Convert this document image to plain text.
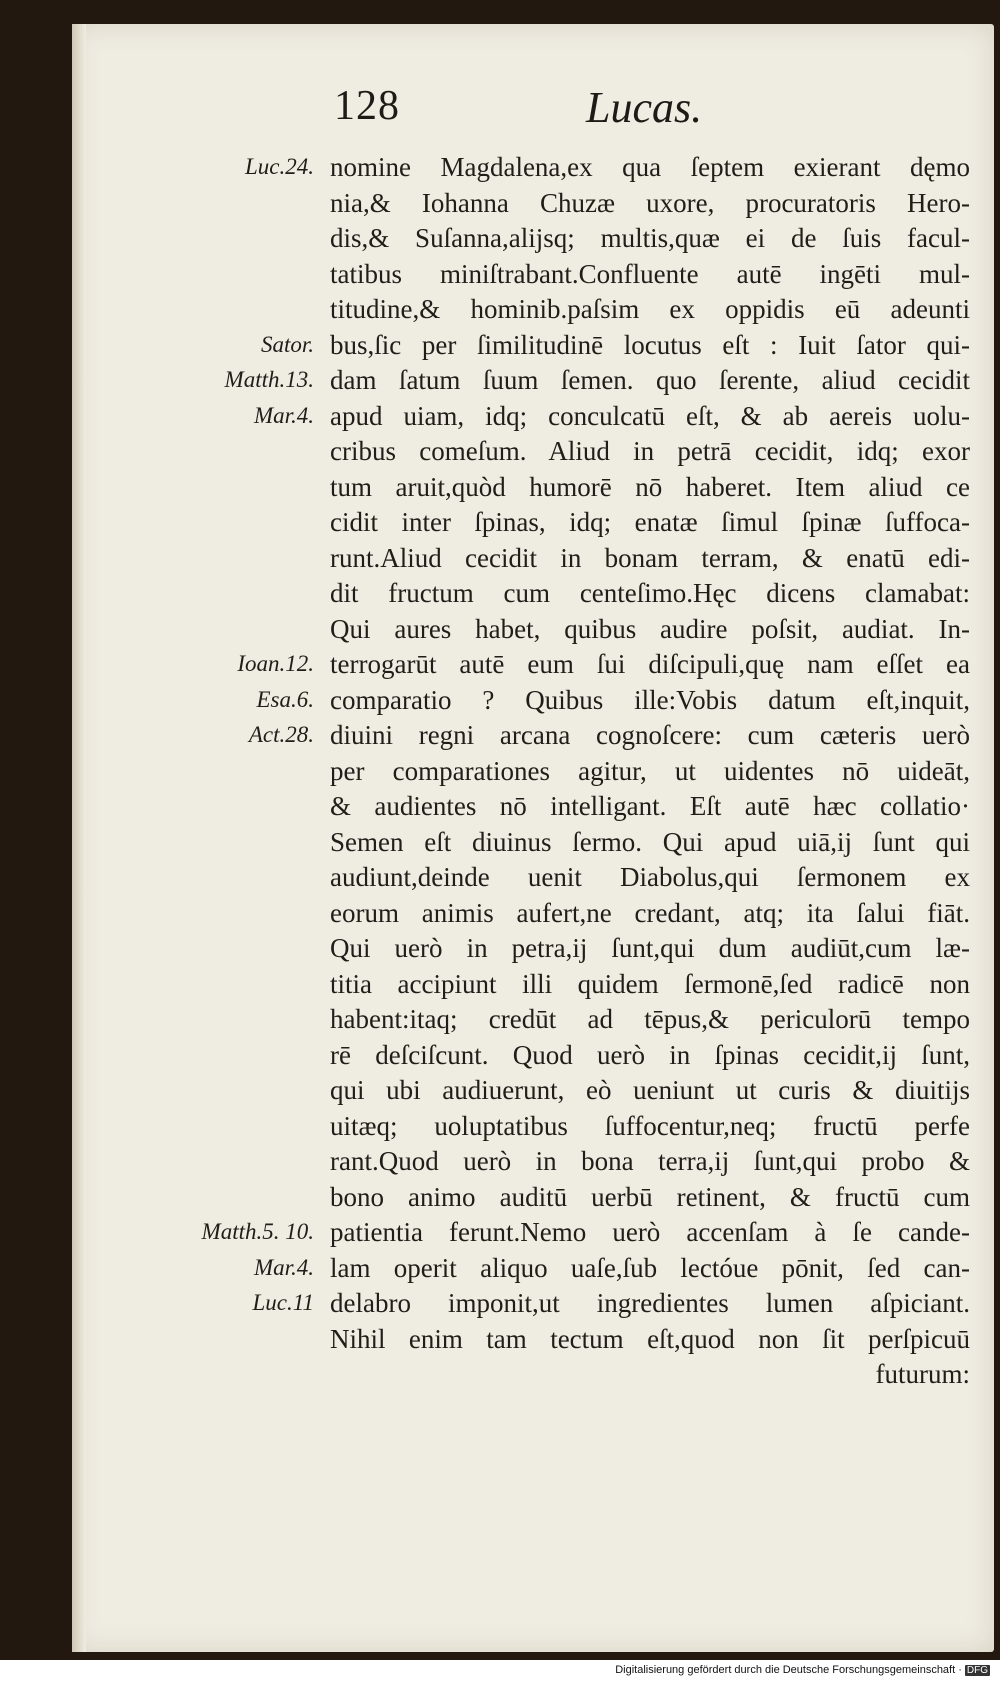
128	Lucas.
Luc.24.
Sator.
Matth.13.
Mar.4.
Ioan.12.
Esa.6.
Act.28.
Matth.5. 10.
Mar.4.
Luc.11
nomine Magdalena,ex qua ſeptem exierant dęmo
nia,& Iohanna Chuzæ uxore, procuratoris Hero-
dis,& Suſanna,alijsq; multis,quæ ei de ſuis facul-
tatibus miniſtrabant.Confluente autē ingēti mul-
titudine,& hominib.paſsim ex oppidis eū adeunti
bus,ſic per ſimilitudinē locutus eſt : Iuit ſator qui-
dam ſatum ſuum ſemen. quo ſerente, aliud cecidit
apud uiam, idq; conculcatū eſt, & ab aereis uolu-
cribus comeſum. Aliud in petrā cecidit, idq; exor
tum aruit,quòd humorē nō haberet. Item aliud ce
cidit inter ſpinas, idq; enatæ ſimul ſpinæ ſuffoca-
runt.Aliud cecidit in bonam terram, & enatū edi-
dit fructum cum centeſimo.Hęc dicens clamabat:
Qui aures habet, quibus audire poſsit, audiat. In-
terrogarūt autē eum ſui diſcipuli,quę nam eſſet ea
comparatio ? Quibus ille:Vobis datum eſt,inquit,
diuini regni arcana cognoſcere: cum cæteris uerò
per comparationes agitur, ut uidentes nō uideāt,
& audientes nō intelligant. Eſt autē hæc collatio·
Semen eſt diuinus ſermo. Qui apud uiā,ij ſunt qui
audiunt,deinde uenit Diabolus,qui ſermonem ex
eorum animis aufert,ne credant, atq; ita ſalui fiāt.
Qui uerò in petra,ij ſunt,qui dum audiūt,cum læ-
titia accipiunt illi quidem ſermonē,ſed radicē non
habent:itaq; credūt ad tēpus,& periculorū tempo
rē deſciſcunt. Quod uerò in ſpinas cecidit,ij ſunt,
qui ubi audiuerunt, eò ueniunt ut curis & diuitijs
uitæq; uoluptatibus ſuffocentur,neq; fructū perfe
rant.Quod uerò in bona terra,ij ſunt,qui probo &
bono animo auditū uerbū retinent, & fructū cum
patientia ferunt.Nemo uerò accenſam à ſe cande-
lam operit aliquo uaſe,ſub lectóue pōnit, ſed can-
delabro imponit,ut ingredientes lumen aſpiciant.
Nihil enim tam tectum eſt,quod non ſit perſpicuū
futurum:
Digitalisierung gefördert durch die Deutsche Forschungsgemeinschaft · DFG
